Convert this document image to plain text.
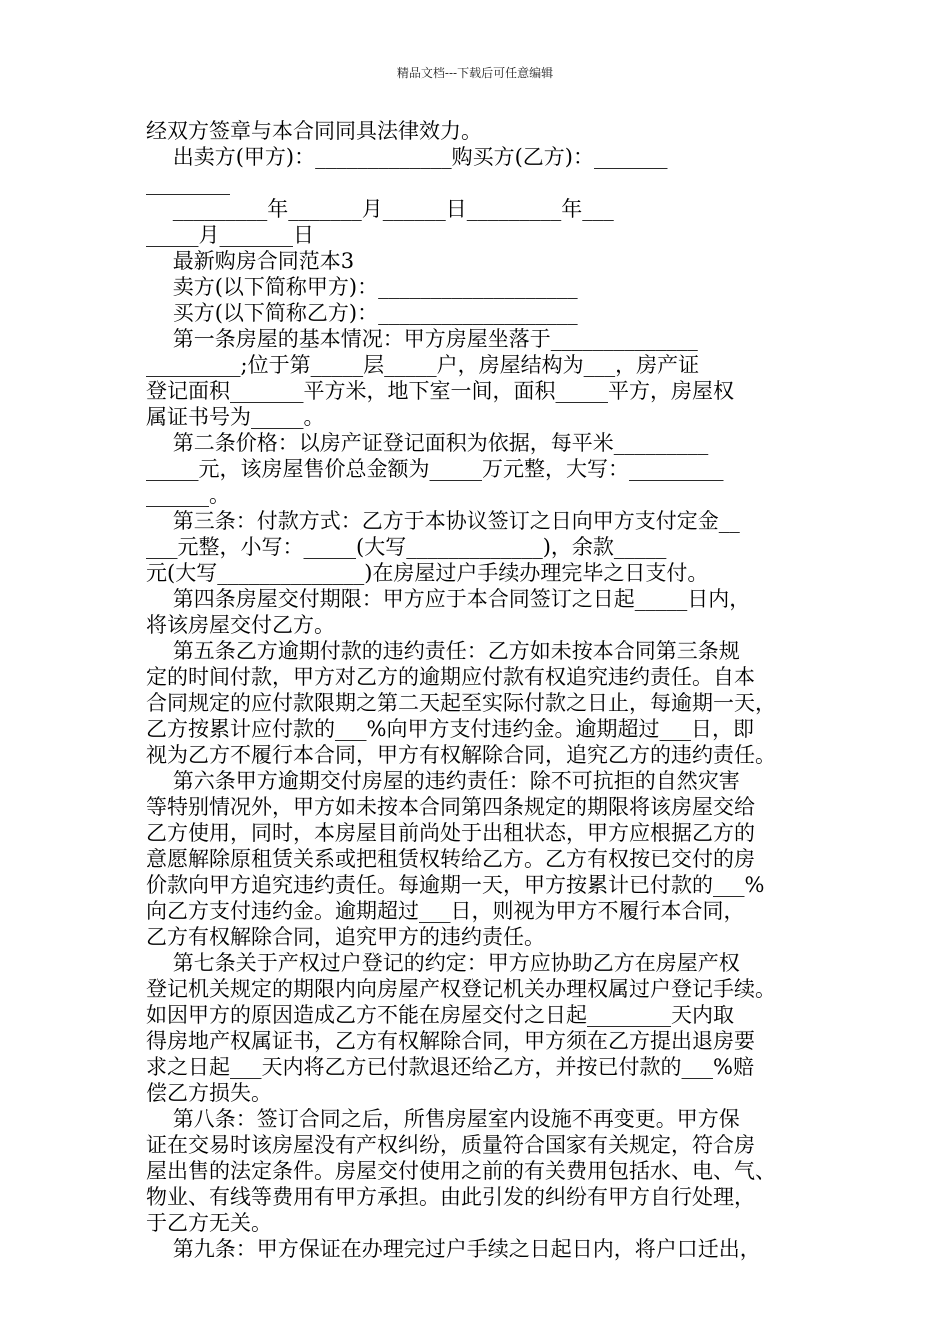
精品文档---下载后可任意编辑
经双方签章与本合同同具法律效力。
出卖方(甲方)：_____________购买方(乙方)：_______
________
_________年_______月______日_________年___
_____月_______日
最新购房合同范本3
卖方(以下简称甲方)：___________________
买方(以下简称乙方)：___________________
第一条房屋的基本情况：甲方房屋坐落于______________
_________;位于第_____层_____户，房屋结构为___，房产证
登记面积_______平方米，地下室一间，面积_____平方，房屋权
属证书号为_____。
第二条价格：以房产证登记面积为依据，每平米_________
_____元，该房屋售价总金额为_____万元整，大写：_________
______。
第三条：付款方式：乙方于本协议签订之日向甲方支付定金__
___元整，小写：_____(大写_____________)，余款_____
元(大写______________)在房屋过户手续办理完毕之日支付。
第四条房屋交付期限：甲方应于本合同签订之日起_____日内，
将该房屋交付乙方。
第五条乙方逾期付款的违约责任：乙方如未按本合同第三条规
定的时间付款，甲方对乙方的逾期应付款有权追究违约责任。自本
合同规定的应付款限期之第二天起至实际付款之日止，每逾期一天，
乙方按累计应付款的___%向甲方支付违约金。逾期超过___日，即
视为乙方不履行本合同，甲方有权解除合同，追究乙方的违约责任。
第六条甲方逾期交付房屋的违约责任：除不可抗拒的自然灾害
等特别情况外，甲方如未按本合同第四条规定的期限将该房屋交给
乙方使用，同时，本房屋目前尚处于出租状态，甲方应根据乙方的
意愿解除原租赁关系或把租赁权转给乙方。乙方有权按已交付的房
价款向甲方追究违约责任。每逾期一天，甲方按累计已付款的___%
向乙方支付违约金。逾期超过___日，则视为甲方不履行本合同，
乙方有权解除合同，追究甲方的违约责任。
第七条关于产权过户登记的约定：甲方应协助乙方在房屋产权
登记机关规定的期限内向房屋产权登记机关办理权属过户登记手续。
如因甲方的原因造成乙方不能在房屋交付之日起________天内取
得房地产权属证书，乙方有权解除合同，甲方须在乙方提出退房要
求之日起___天内将乙方已付款退还给乙方，并按已付款的___%赔
偿乙方损失。
第八条：签订合同之后，所售房屋室内设施不再变更。甲方保
证在交易时该房屋没有产权纠纷，质量符合国家有关规定，符合房
屋出售的法定条件。房屋交付使用之前的有关费用包括水、电、气、
物业、有线等费用有甲方承担。由此引发的纠纷有甲方自行处理，
于乙方无关。
第九条：甲方保证在办理完过户手续之日起日内，将户口迁出，
